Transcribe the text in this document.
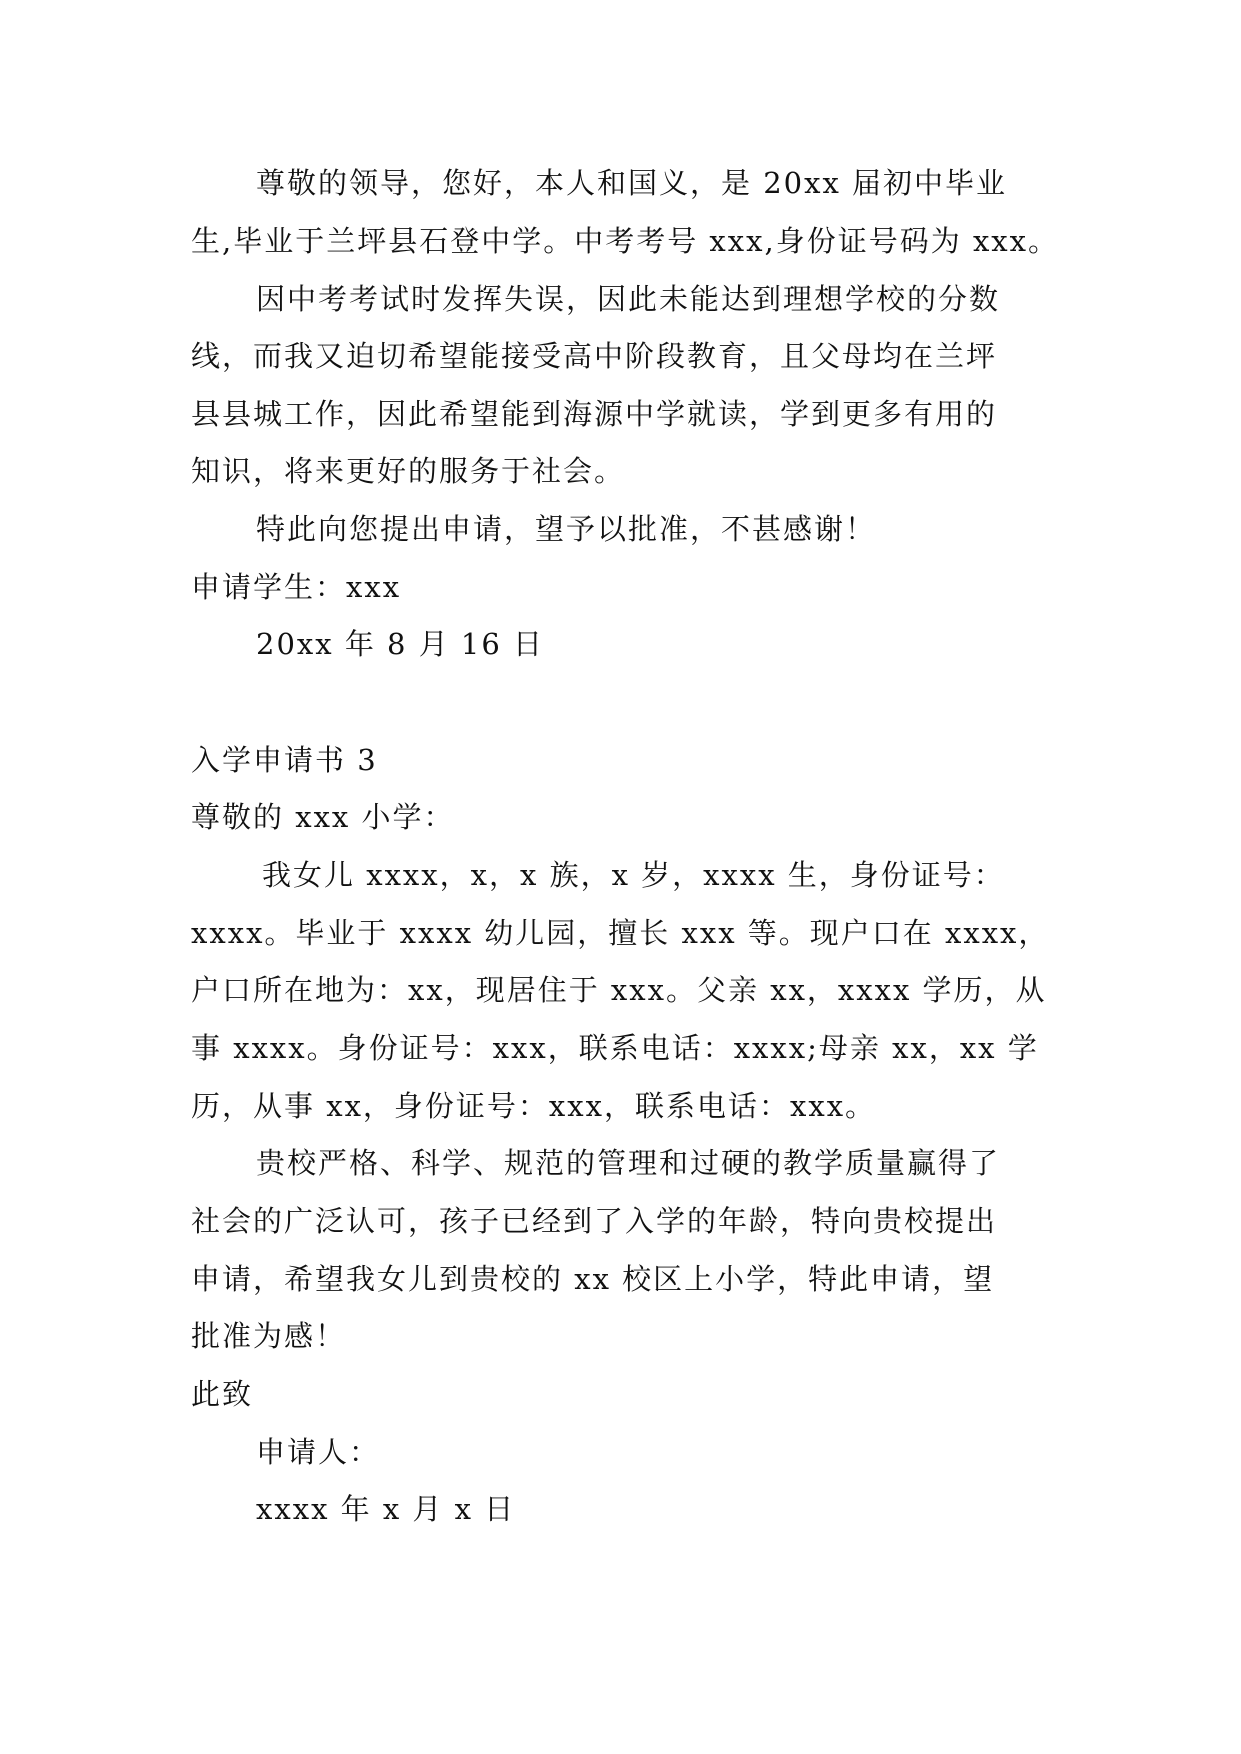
尊敬的领导，您好，本人和国义，是 20xx 届初中毕业
生,毕业于兰坪县石登中学。中考考号 xxx,身份证号码为 xxx。
因中考考试时发挥失误，因此未能达到理想学校的分数
线，而我又迫切希望能接受高中阶段教育，且父母均在兰坪
县县城工作，因此希望能到海源中学就读，学到更多有用的
知识，将来更好的服务于社会。
特此向您提出申请，望予以批准，不甚感谢！
申请学生：xxx
20xx 年 8 月 16 日
入学申请书 3
尊敬的 xxx 小学：
我女儿 xxxx，x，x 族，x 岁，xxxx 生，身份证号：
xxxx。毕业于 xxxx 幼儿园，擅长 xxx 等。现户口在 xxxx，
户口所在地为：xx，现居住于 xxx。父亲 xx，xxxx 学历，从
事 xxxx。身份证号：xxx，联系电话：xxxx;母亲 xx，xx 学
历，从事 xx，身份证号：xxx，联系电话：xxx。
贵校严格、科学、规范的管理和过硬的教学质量赢得了
社会的广泛认可，孩子已经到了入学的年龄，特向贵校提出
申请，希望我女儿到贵校的 xx 校区上小学，特此申请，望
批准为感！
此致
申请人：
xxxx 年 x 月 x 日
